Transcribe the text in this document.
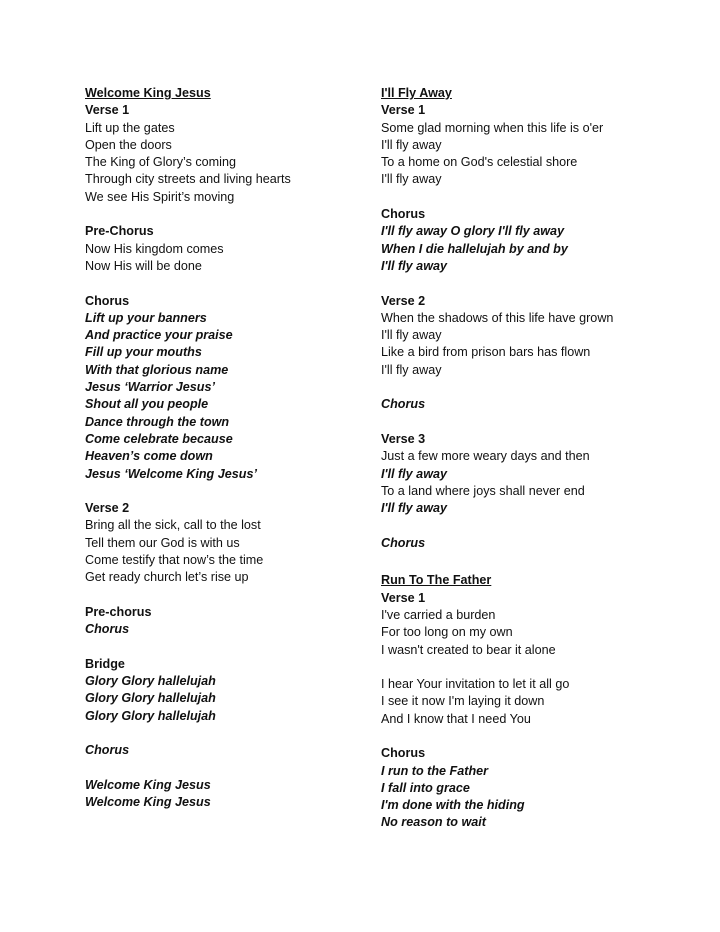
Welcome King Jesus
Verse 1
Lift up the gates
Open the doors
The King of Glory’s coming
Through city streets and living hearts
We see His Spirit’s moving
Pre-Chorus
Now His kingdom comes
Now His will be done
Chorus
Lift up your banners
And practice your praise
Fill up your mouths
With that glorious name
Jesus ‘Warrior Jesus’
Shout all you people
Dance through the town
Come celebrate because
Heaven’s come down
Jesus ‘Welcome King Jesus’
Verse 2
Bring all the sick, call to the lost
Tell them our God is with us
Come testify that now’s the time
Get ready church let’s rise up
Pre-chorus
Chorus
Bridge
Glory Glory hallelujah
Glory Glory hallelujah
Glory Glory hallelujah
Chorus
Welcome King Jesus
Welcome King Jesus
I'll Fly Away
Verse 1
Some glad morning when this life is o'er
I'll fly away
To a home on God's celestial shore
I'll fly away
Chorus
I'll fly away O glory I'll fly away
When I die hallelujah by and by
I'll fly away
Verse 2
When the shadows of this life have grown
I'll fly away
Like a bird from prison bars has flown
I'll fly away
Chorus
Verse 3
Just a few more weary days and then
I'll fly away
To a land where joys shall never end
I'll fly away
Chorus
Run To The Father
Verse 1
I've carried a burden
For too long on my own
I wasn't created to bear it alone
I hear Your invitation to let it all go
I see it now I'm laying it down
And I know that I need You
Chorus
I run to the Father
I fall into grace
I'm done with the hiding
No reason to wait
